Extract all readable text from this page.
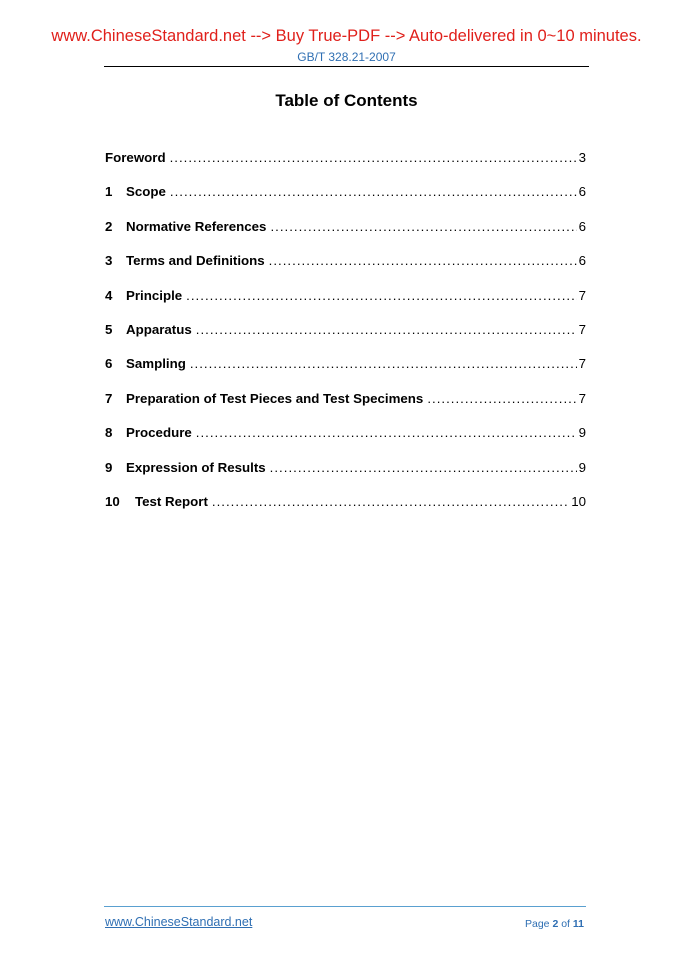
www.ChineseStandard.net --> Buy True-PDF --> Auto-delivered in 0~10 minutes.
GB/T 328.21-2007
Table of Contents
Foreword .....	3
1	Scope .....	6
2	Normative References .....	6
3	Terms and Definitions .....	6
4	Principle .....	7
5	Apparatus .....	7
6	Sampling .....	7
7	Preparation of Test Pieces and Test Specimens .....	7
8	Procedure .....	9
9	Expression of Results .....	9
10	Test Report .....	10
www.ChineseStandard.net	Page 2 of 11
